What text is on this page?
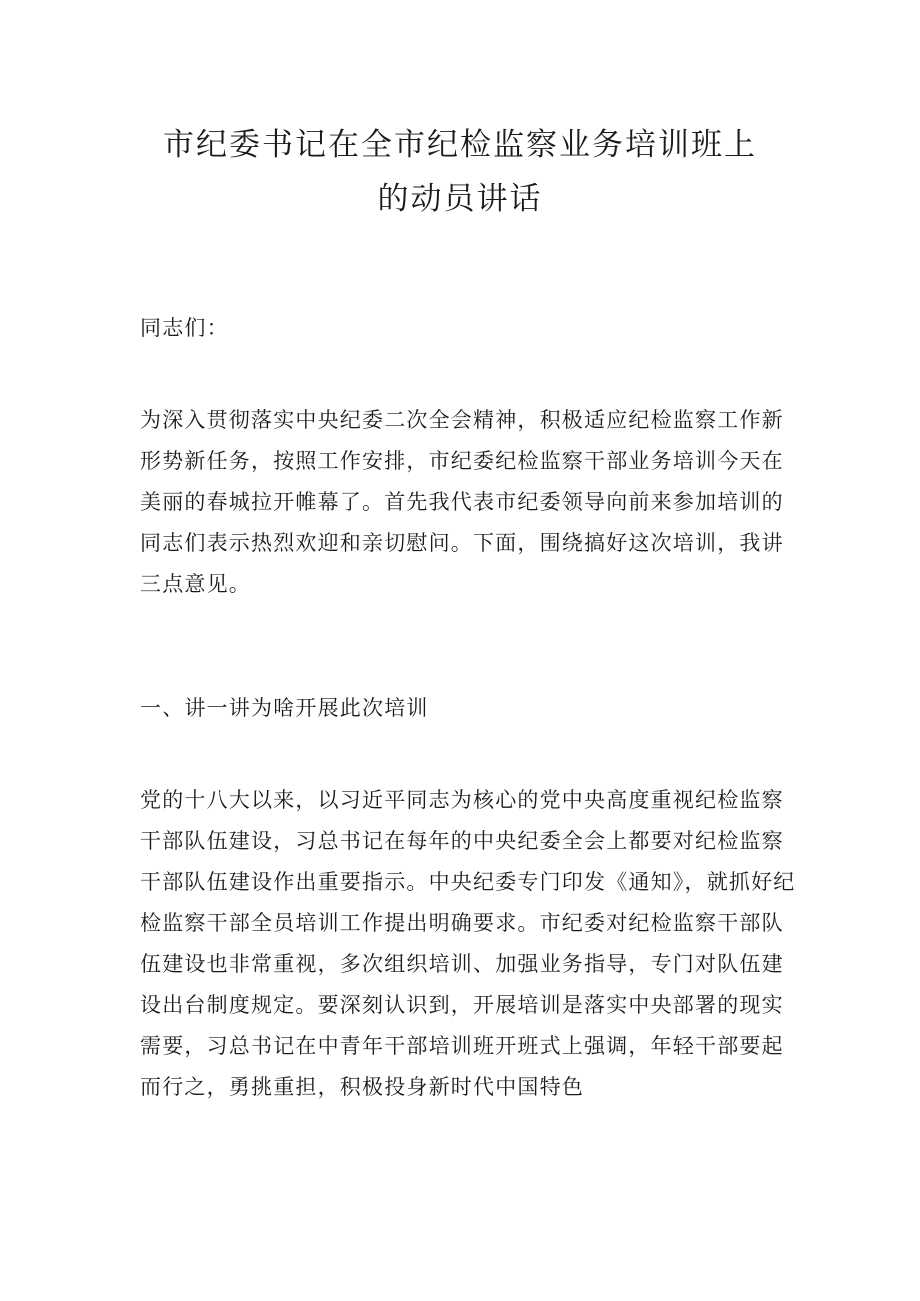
市纪委书记在全市纪检监察业务培训班上
的动员讲话
同志们：
为深入贯彻落实中央纪委二次全会精神，积极适应纪检监察工作新形势新任务，按照工作安排，市纪委纪检监察干部业务培训今天在美丽的春城拉开帷幕了。首先我代表市纪委领导向前来参加培训的同志们表示热烈欢迎和亲切慰问。下面，围绕搞好这次培训，我讲三点意见。
一、讲一讲为啥开展此次培训
党的十八大以来，以习近平同志为核心的党中央高度重视纪检监察干部队伍建设，习总书记在每年的中央纪委全会上都要对纪检监察干部队伍建设作出重要指示。中央纪委专门印发《通知》，就抓好纪检监察干部全员培训工作提出明确要求。市纪委对纪检监察干部队伍建设也非常重视，多次组织培训、加强业务指导，专门对队伍建设出台制度规定。要深刻认识到，开展培训是落实中央部署的现实需要，习总书记在中青年干部培训班开班式上强调，年轻干部要起而行之，勇挑重担，积极投身新时代中国特色
